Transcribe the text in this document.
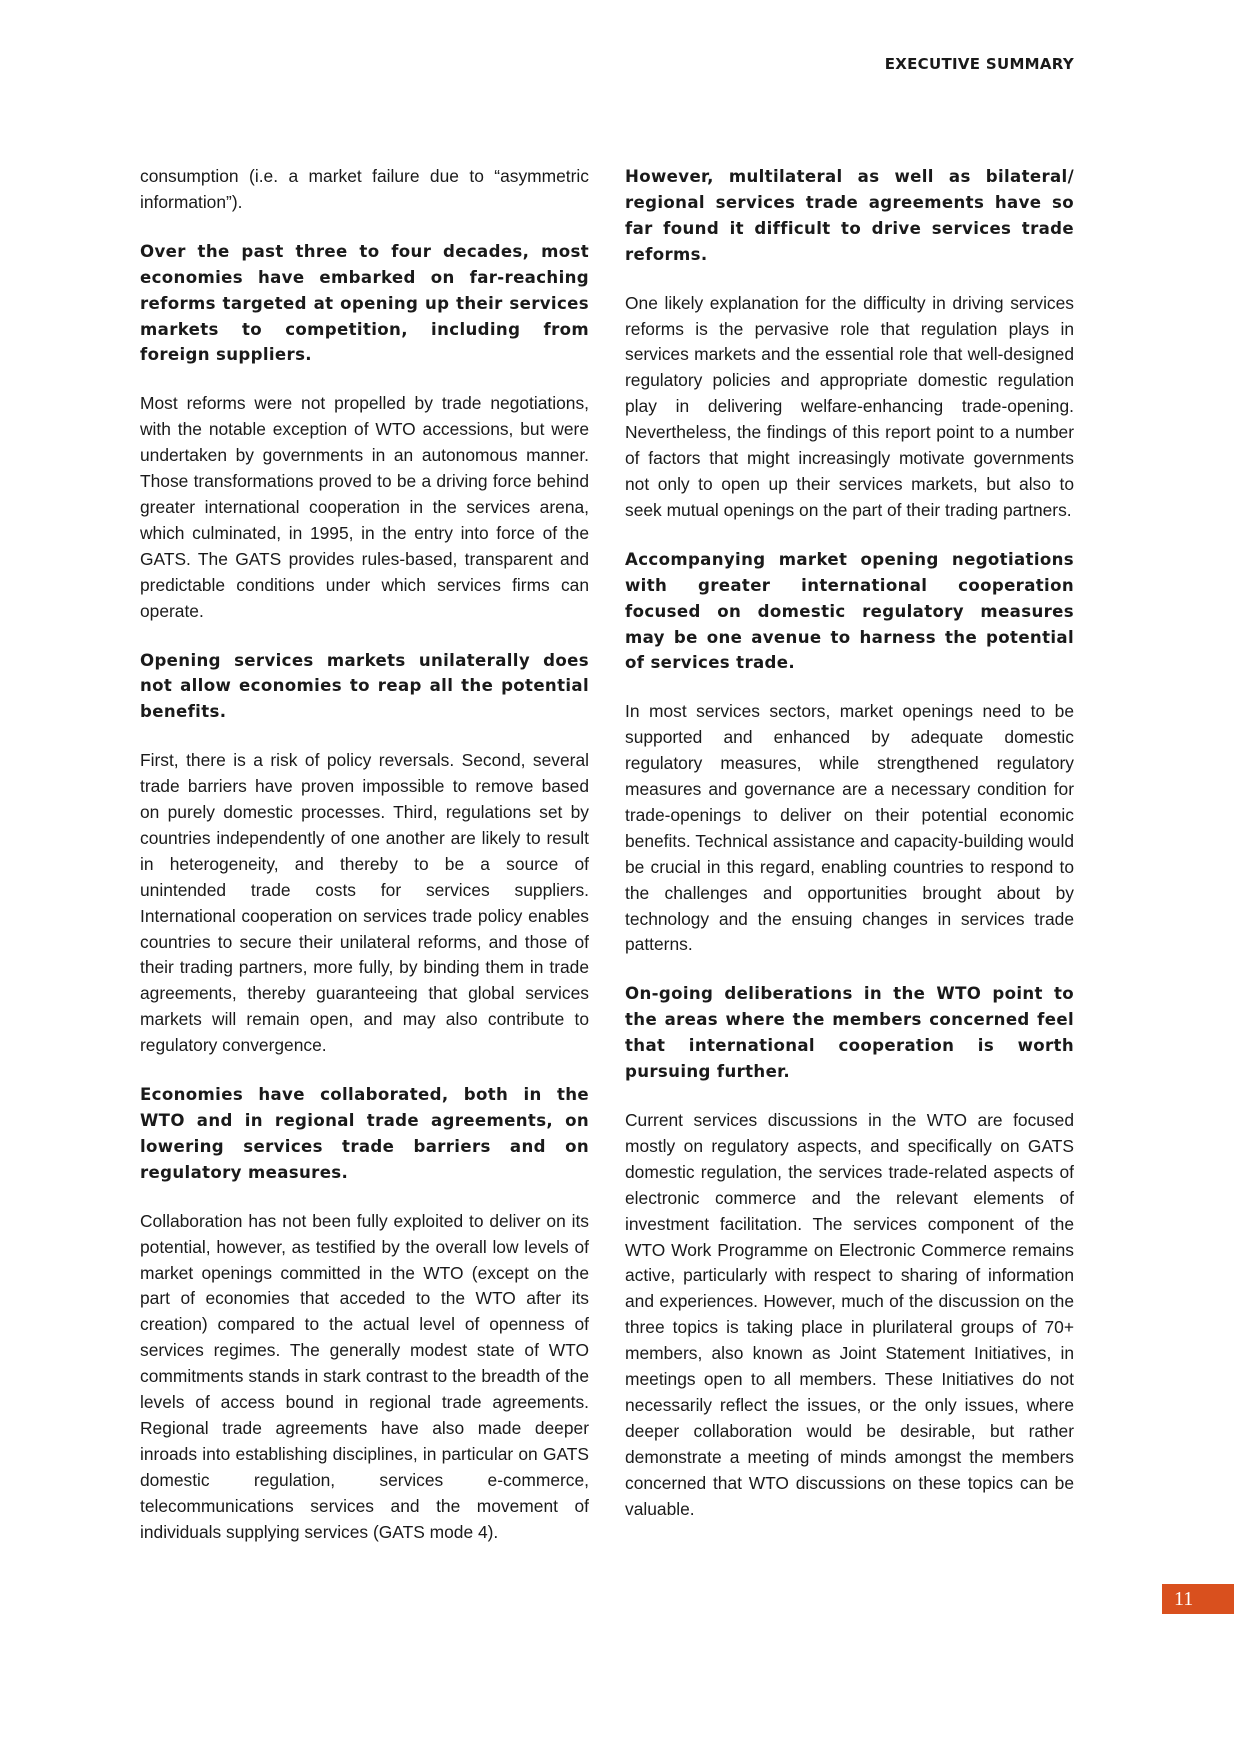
EXECUTIVE SUMMARY

consumption (i.e. a market failure due to “asymmetric information”).

Over the past three to four decades, most economies have embarked on far-reaching reforms targeted at opening up their services markets to competition, including from foreign suppliers.

Most reforms were not propelled by trade negotiations, with the notable exception of WTO accessions, but were undertaken by governments in an autonomous manner. Those transformations proved to be a driving force behind greater international cooperation in the services arena, which culminated, in 1995, in the entry into force of the GATS. The GATS provides rules-based, transparent and predictable conditions under which services firms can operate.

Opening services markets unilaterally does not allow economies to reap all the potential benefits.

First, there is a risk of policy reversals. Second, several trade barriers have proven impossible to remove based on purely domestic processes. Third, regulations set by countries independently of one another are likely to result in heterogeneity, and thereby to be a source of unintended trade costs for services suppliers. International cooperation on services trade policy enables countries to secure their unilateral reforms, and those of their trading partners, more fully, by binding them in trade agreements, thereby guaranteeing that global services markets will remain open, and may also contribute to regulatory convergence.

Economies have collaborated, both in the WTO and in regional trade agreements, on lowering services trade barriers and on regulatory measures.

Collaboration has not been fully exploited to deliver on its potential, however, as testified by the overall low levels of market openings committed in the WTO (except on the part of economies that acceded to the WTO after its creation) compared to the actual level of openness of services regimes. The generally modest state of WTO commitments stands in stark contrast to the breadth of the levels of access bound in regional trade agreements. Regional trade agreements have also made deeper inroads into establishing disciplines, in particular on GATS domestic regulation, services e-commerce, telecommunications services and the movement of individuals supplying services (GATS mode 4).

However, multilateral as well as bilateral/ regional services trade agreements have so far found it difficult to drive services trade reforms.

One likely explanation for the difficulty in driving services reforms is the pervasive role that regulation plays in services markets and the essential role that well-designed regulatory policies and appropriate domestic regulation play in delivering welfare-enhancing trade-opening. Nevertheless, the findings of this report point to a number of factors that might increasingly motivate governments not only to open up their services markets, but also to seek mutual openings on the part of their trading partners.

Accompanying market opening negotiations with greater international cooperation focused on domestic regulatory measures may be one avenue to harness the potential of services trade.

In most services sectors, market openings need to be supported and enhanced by adequate domestic regulatory measures, while strengthened regulatory measures and governance are a necessary condition for trade-openings to deliver on their potential economic benefits. Technical assistance and capacity-building would be crucial in this regard, enabling countries to respond to the challenges and opportunities brought about by technology and the ensuing changes in services trade patterns.

On-going deliberations in the WTO point to the areas where the members concerned feel that international cooperation is worth pursuing further.

Current services discussions in the WTO are focused mostly on regulatory aspects, and specifically on GATS domestic regulation, the services trade-related aspects of electronic commerce and the relevant elements of investment facilitation. The services component of the WTO Work Programme on Electronic Commerce remains active, particularly with respect to sharing of information and experiences. However, much of the discussion on the three topics is taking place in plurilateral groups of 70+ members, also known as Joint Statement Initiatives, in meetings open to all members. These Initiatives do not necessarily reflect the issues, or the only issues, where deeper collaboration would be desirable, but rather demonstrate a meeting of minds amongst the members concerned that WTO discussions on these topics can be valuable.

11
